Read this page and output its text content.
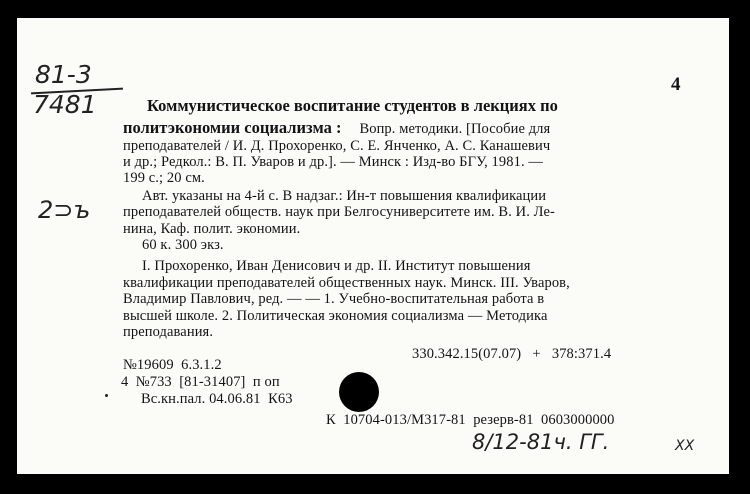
81-3
7481
2⊃ъ
4
Коммунистическое воспитание студентов в лекциях по
политэкономии социализма : Вопр. методики. [Пособие для
преподавателей / И. Д. Прохоренко, С. Е. Янченко, А. С. Канашевич
и др.; Редкол.: В. П. Уваров и др.]. — Минск : Изд-во БГУ, 1981. —
199 с.; 20 см.
Авт. указаны на 4-й с. В надзаг.: Ин-т повышения квалификации
преподавателей обществ. наук при Белгосуниверситете им. В. И. Ле-
нина, Каф. полит. экономии.
60 к. 300 экз.
I. Прохоренко, Иван Денисович и др. II. Институт повышения
квалификации преподавателей общественных наук. Минск. III. Уваров,
Владимир Павлович, ред. — — 1. Учебно-воспитательная работа в
высшей школе. 2. Политическая экономия социализма — Методика
преподавания.
330.342.15(07.07)   +   378:371.4
№19609  6.3.1.2
4  №733  [81-31407]  п оп
Вс.кн.пал. 04.06.81  К63
К  10704-013/М317-81  резерв-81  0603000000
8/12-81ч. ГГ.	XX
